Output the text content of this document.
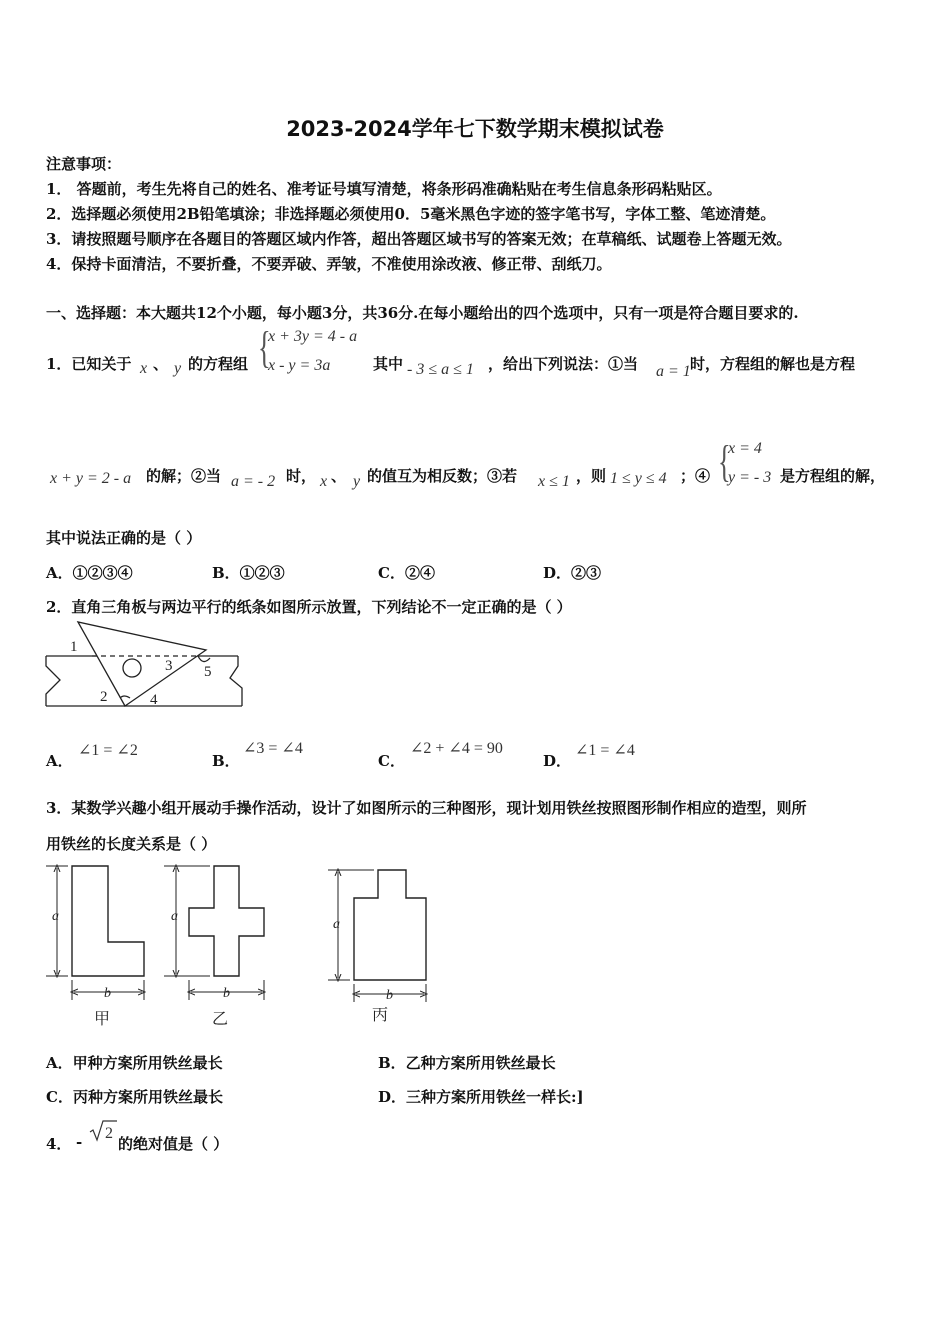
2023-2024学年七下数学期末模拟试卷
注意事项：
1． 答题前，考生先将自己的姓名、准考证号填写清楚，将条形码准确粘贴在考生信息条形码粘贴区。
2．选择题必须使用2B铅笔填涂；非选择题必须使用0．5毫米黑色字迹的签字笔书写，字体工整、笔迹清楚。
3．请按照题号顺序在各题目的答题区域内作答，超出答题区域书写的答案无效；在草稿纸、试题卷上答题无效。
4．保持卡面清洁，不要折叠，不要弄破、弄皱，不准使用涂改液、修正带、刮纸刀。
一、选择题：本大题共12个小题，每小题3分，共36分.在每小题给出的四个选项中，只有一项是符合题目要求的.
1．已知关于 x 、 y 的方程组 {
x + 3y = 4 - a
x - y = 3a	其中 - 3 ≤ a ≤ 1 ，给出下列说法：①当 a = 1 时，方程组的解也是方程
x + y = 2 - a 的解；②当 a = - 2 时， x 、 y 的值互为相反数；③若 x ≤ 1 ，则 1 ≤ y ≤ 4 ；④ {
x = 4
y = - 3 是方程组的解，
其中说法正确的是（ ）
A．①②③④	B．①②③	C．②④	D．②③
2．直角三角板与两边平行的纸条如图所示放置，下列结论不一定正确的是（ ）
1
2
3
4
5
A．
∠1 = ∠2
B．
∠3 = ∠4
C．
∠2 + ∠4 = 90
D．
∠1 = ∠4
3．某数学兴趣小组开展动手操作活动，设计了如图所示的三种图形，现计划用铁丝按照图形制作相应的造型，则所
用铁丝的长度关系是（ ）
a
b
a
b
a
b
甲	乙	丙
A．甲种方案所用铁丝最长	B．乙种方案所用铁丝最长
C．丙种方案所用铁丝最长	D．三种方案所用铁丝一样长:]
4． - 2
的绝对值是（ ）
